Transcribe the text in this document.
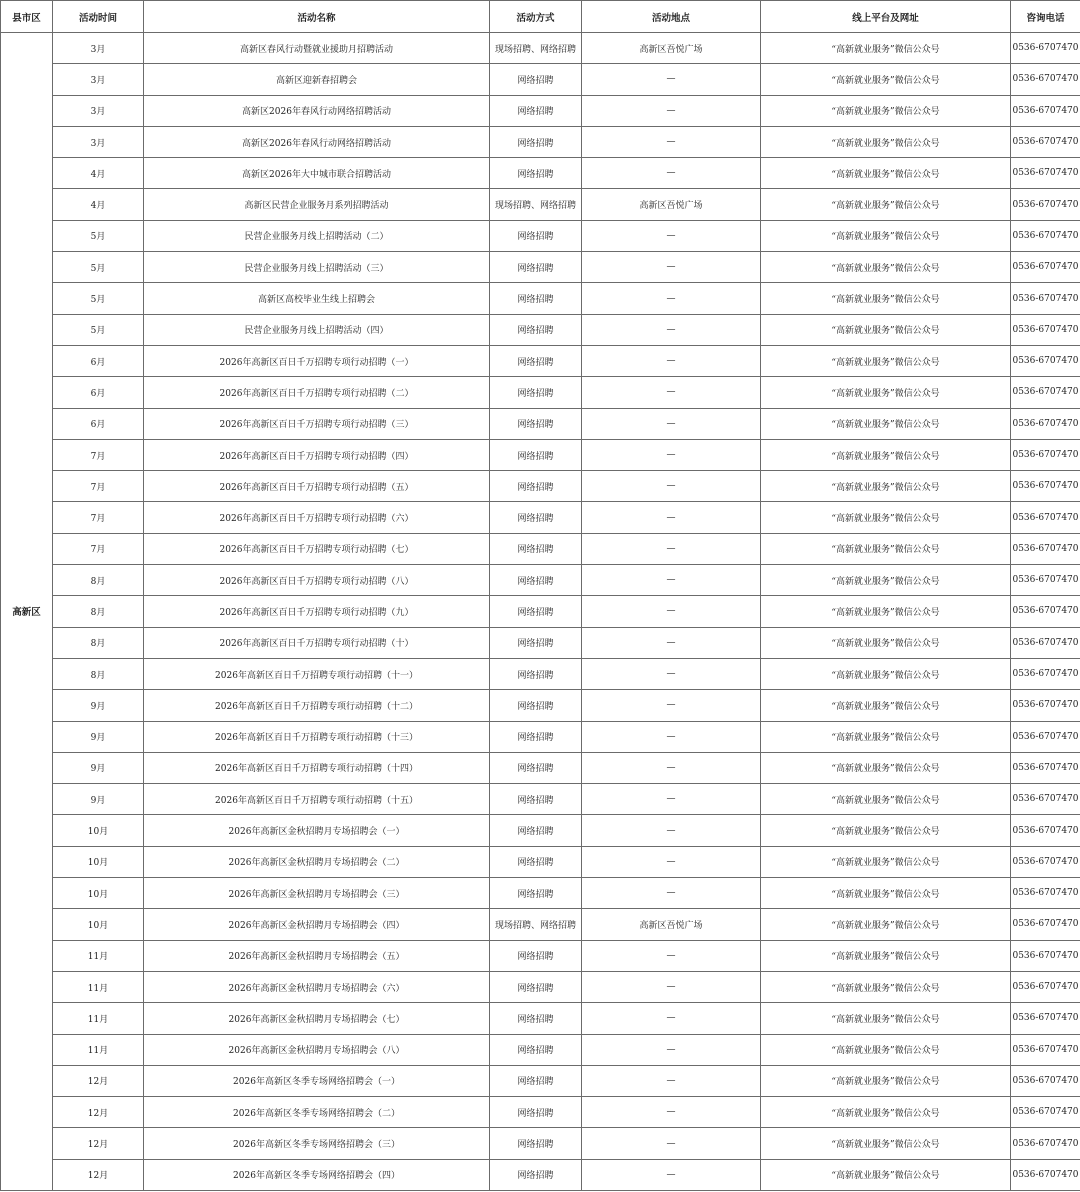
县市区	活动时间	活动名称	活动方式	活动地点	线上平台及网址	咨询电话
高新区	3月	高新区春风行动暨就业援助月招聘活动	现场招聘、网络招聘	高新区吾悦广场	“高新就业服务”微信公众号	0536-6707470
	3月	高新区迎新春招聘会	网络招聘	—	“高新就业服务”微信公众号	0536-6707470
	3月	高新区2026年春风行动网络招聘活动	网络招聘	—	“高新就业服务”微信公众号	0536-6707470
	3月	高新区2026年春风行动网络招聘活动	网络招聘	—	“高新就业服务”微信公众号	0536-6707470
	4月	高新区2026年大中城市联合招聘活动	网络招聘	—	“高新就业服务”微信公众号	0536-6707470
	4月	高新区民营企业服务月系列招聘活动	现场招聘、网络招聘	高新区吾悦广场	“高新就业服务”微信公众号	0536-6707470
	5月	民营企业服务月线上招聘活动（二）	网络招聘	—	“高新就业服务”微信公众号	0536-6707470
	5月	民营企业服务月线上招聘活动（三）	网络招聘	—	“高新就业服务”微信公众号	0536-6707470
	5月	高新区高校毕业生线上招聘会	网络招聘	—	“高新就业服务”微信公众号	0536-6707470
	5月	民营企业服务月线上招聘活动（四）	网络招聘	—	“高新就业服务”微信公众号	0536-6707470
	6月	2026年高新区百日千万招聘专项行动招聘（一）	网络招聘	—	“高新就业服务”微信公众号	0536-6707470
	6月	2026年高新区百日千万招聘专项行动招聘（二）	网络招聘	—	“高新就业服务”微信公众号	0536-6707470
	6月	2026年高新区百日千万招聘专项行动招聘（三）	网络招聘	—	“高新就业服务”微信公众号	0536-6707470
	7月	2026年高新区百日千万招聘专项行动招聘（四）	网络招聘	—	“高新就业服务”微信公众号	0536-6707470
	7月	2026年高新区百日千万招聘专项行动招聘（五）	网络招聘	—	“高新就业服务”微信公众号	0536-6707470
	7月	2026年高新区百日千万招聘专项行动招聘（六）	网络招聘	—	“高新就业服务”微信公众号	0536-6707470
	7月	2026年高新区百日千万招聘专项行动招聘（七）	网络招聘	—	“高新就业服务”微信公众号	0536-6707470
	8月	2026年高新区百日千万招聘专项行动招聘（八）	网络招聘	—	“高新就业服务”微信公众号	0536-6707470
	8月	2026年高新区百日千万招聘专项行动招聘（九）	网络招聘	—	“高新就业服务”微信公众号	0536-6707470
	8月	2026年高新区百日千万招聘专项行动招聘（十）	网络招聘	—	“高新就业服务”微信公众号	0536-6707470
	8月	2026年高新区百日千万招聘专项行动招聘（十一）	网络招聘	—	“高新就业服务”微信公众号	0536-6707470
	9月	2026年高新区百日千万招聘专项行动招聘（十二）	网络招聘	—	“高新就业服务”微信公众号	0536-6707470
	9月	2026年高新区百日千万招聘专项行动招聘（十三）	网络招聘	—	“高新就业服务”微信公众号	0536-6707470
	9月	2026年高新区百日千万招聘专项行动招聘（十四）	网络招聘	—	“高新就业服务”微信公众号	0536-6707470
	9月	2026年高新区百日千万招聘专项行动招聘（十五）	网络招聘	—	“高新就业服务”微信公众号	0536-6707470
	10月	2026年高新区金秋招聘月专场招聘会（一）	网络招聘	—	“高新就业服务”微信公众号	0536-6707470
	10月	2026年高新区金秋招聘月专场招聘会（二）	网络招聘	—	“高新就业服务”微信公众号	0536-6707470
	10月	2026年高新区金秋招聘月专场招聘会（三）	网络招聘	—	“高新就业服务”微信公众号	0536-6707470
	10月	2026年高新区金秋招聘月专场招聘会（四）	现场招聘、网络招聘	高新区吾悦广场	“高新就业服务”微信公众号	0536-6707470
	11月	2026年高新区金秋招聘月专场招聘会（五）	网络招聘	—	“高新就业服务”微信公众号	0536-6707470
	11月	2026年高新区金秋招聘月专场招聘会（六）	网络招聘	—	“高新就业服务”微信公众号	0536-6707470
	11月	2026年高新区金秋招聘月专场招聘会（七）	网络招聘	—	“高新就业服务”微信公众号	0536-6707470
	11月	2026年高新区金秋招聘月专场招聘会（八）	网络招聘	—	“高新就业服务”微信公众号	0536-6707470
	12月	2026年高新区冬季专场网络招聘会（一）	网络招聘	—	“高新就业服务”微信公众号	0536-6707470
	12月	2026年高新区冬季专场网络招聘会（二）	网络招聘	—	“高新就业服务”微信公众号	0536-6707470
	12月	2026年高新区冬季专场网络招聘会（三）	网络招聘	—	“高新就业服务”微信公众号	0536-6707470
	12月	2026年高新区冬季专场网络招聘会（四）	网络招聘	—	“高新就业服务”微信公众号	0536-6707470
